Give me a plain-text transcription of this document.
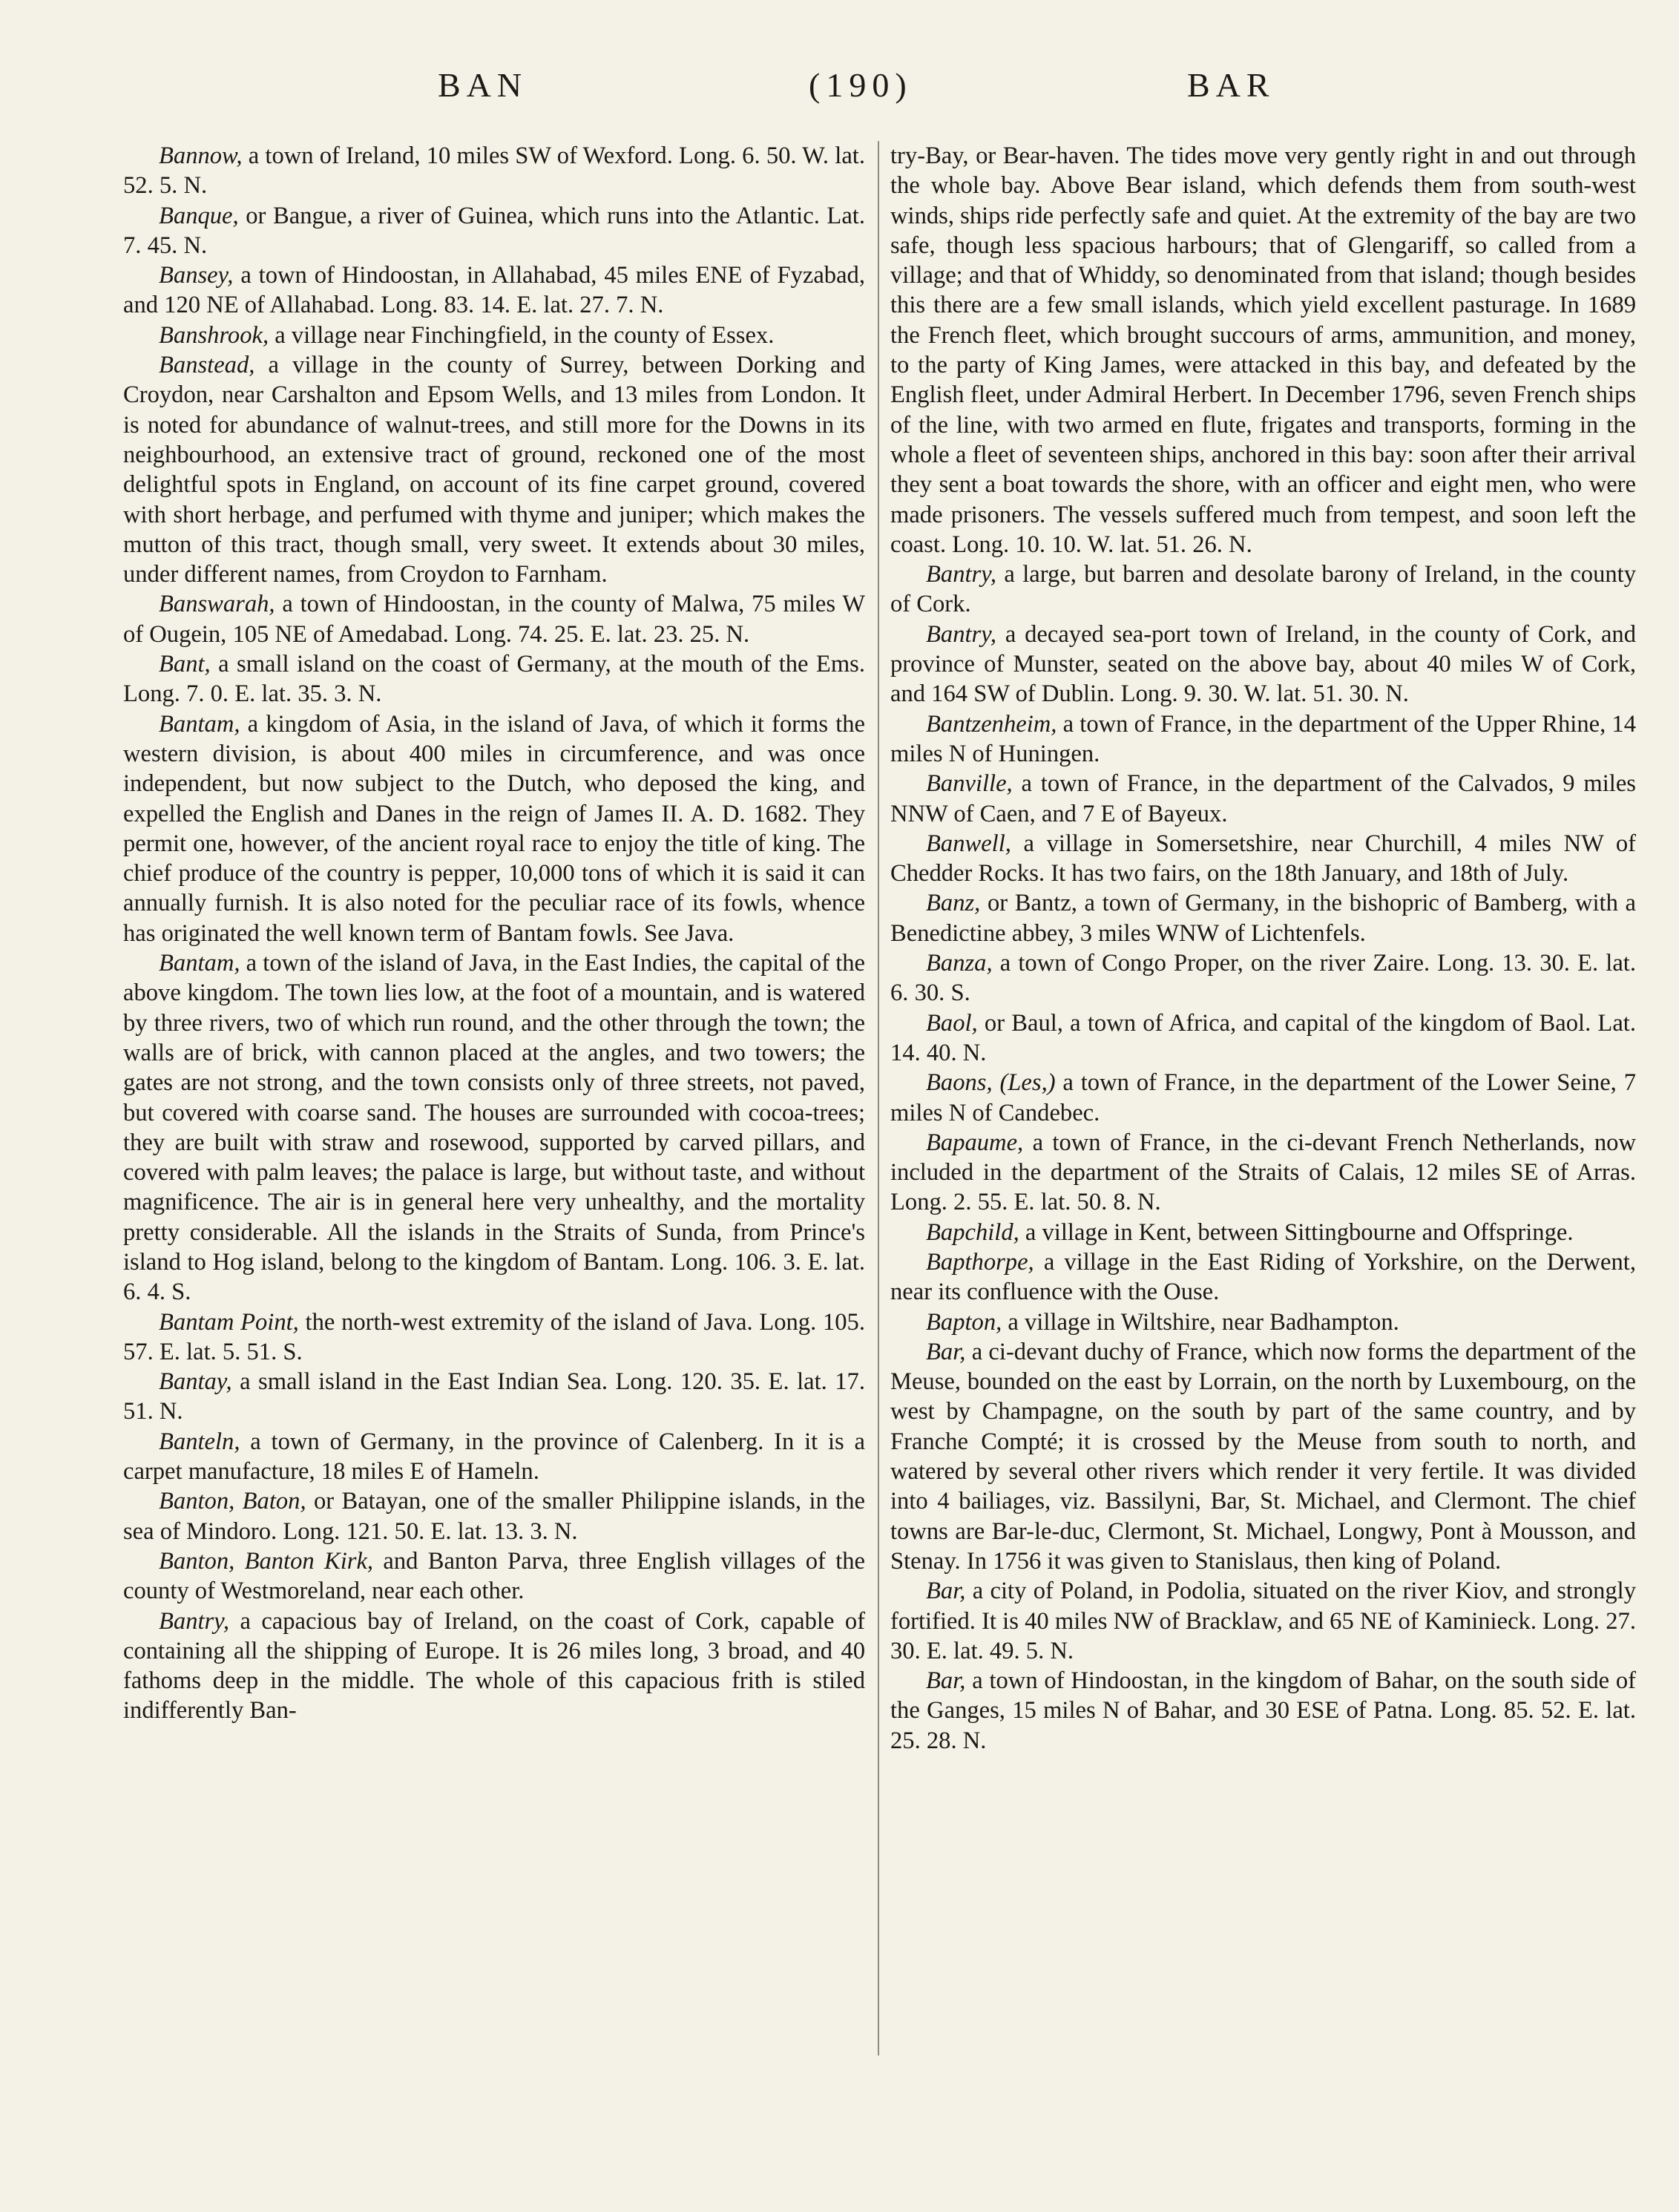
BAN	(190)	BAR

Bannow, a town of Ireland, 10 miles SW of Wexford. Long. 6. 50. W. lat. 52. 5. N.

Banque, or Bangue, a river of Guinea, which runs into the Atlantic. Lat. 7. 45. N.

Bansey, a town of Hindoostan, in Allahabad, 45 miles ENE of Fyzabad, and 120 NE of Allahabad. Long. 83. 14. E. lat. 27. 7. N.

Banshrook, a village near Finchingfield, in the county of Essex.

Banstead, a village in the county of Surrey, between Dorking and Croydon, near Carshalton and Epsom Wells, and 13 miles from London. It is noted for abundance of walnut-trees, and still more for the Downs in its neighbourhood, an extensive tract of ground, reckoned one of the most delightful spots in England, on account of its fine carpet ground, covered with short herbage, and perfumed with thyme and juniper; which makes the mutton of this tract, though small, very sweet. It extends about 30 miles, under different names, from Croydon to Farnham.

Banswarah, a town of Hindoostan, in the county of Malwa, 75 miles W of Ougein, 105 NE of Amedabad. Long. 74. 25. E. lat. 23. 25. N.

Bant, a small island on the coast of Germany, at the mouth of the Ems. Long. 7. 0. E. lat. 35. 3. N.

Bantam, a kingdom of Asia, in the island of Java, of which it forms the western division, is about 400 miles in circumference, and was once independent, but now subject to the Dutch, who deposed the king, and expelled the English and Danes in the reign of James II. A. D. 1682. They permit one, however, of the ancient royal race to enjoy the title of king. The chief produce of the country is pepper, 10,000 tons of which it is said it can annually furnish. It is also noted for the peculiar race of its fowls, whence has originated the well known term of Bantam fowls. See Java.

Bantam, a town of the island of Java, in the East Indies, the capital of the above kingdom. The town lies low, at the foot of a mountain, and is watered by three rivers, two of which run round, and the other through the town; the walls are of brick, with cannon placed at the angles, and two towers; the gates are not strong, and the town consists only of three streets, not paved, but covered with coarse sand. The houses are surrounded with cocoa-trees; they are built with straw and rosewood, supported by carved pillars, and covered with palm leaves; the palace is large, but without taste, and without magnificence. The air is in general here very unhealthy, and the mortality pretty considerable. All the islands in the Straits of Sunda, from Prince's island to Hog island, belong to the kingdom of Bantam. Long. 106. 3. E. lat. 6. 4. S.

Bantam Point, the north-west extremity of the island of Java. Long. 105. 57. E. lat. 5. 51. S.

Bantay, a small island in the East Indian Sea. Long. 120. 35. E. lat. 17. 51. N.

Banteln, a town of Germany, in the province of Calenberg. In it is a carpet manufacture, 18 miles E of Hameln.

Banton, Baton, or Batayan, one of the smaller Philippine islands, in the sea of Mindoro. Long. 121. 50. E. lat. 13. 3. N.

Banton, Banton Kirk, and Banton Parva, three English villages of the county of Westmoreland, near each other.

Bantry, a capacious bay of Ireland, on the coast of Cork, capable of containing all the shipping of Europe. It is 26 miles long, 3 broad, and 40 fathoms deep in the middle. The whole of this capacious frith is stiled indifferently Ban-

try-Bay, or Bear-haven. The tides move very gently right in and out through the whole bay. Above Bear island, which defends them from south-west winds, ships ride perfectly safe and quiet. At the extremity of the bay are two safe, though less spacious harbours; that of Glengariff, so called from a village; and that of Whiddy, so denominated from that island; though besides this there are a few small islands, which yield excellent pasturage. In 1689 the French fleet, which brought succours of arms, ammunition, and money, to the party of King James, were attacked in this bay, and defeated by the English fleet, under Admiral Herbert. In December 1796, seven French ships of the line, with two armed en flute, frigates and transports, forming in the whole a fleet of seventeen ships, anchored in this bay: soon after their arrival they sent a boat towards the shore, with an officer and eight men, who were made prisoners. The vessels suffered much from tempest, and soon left the coast. Long. 10. 10. W. lat. 51. 26. N.

Bantry, a large, but barren and desolate barony of Ireland, in the county of Cork.

Bantry, a decayed sea-port town of Ireland, in the county of Cork, and province of Munster, seated on the above bay, about 40 miles W of Cork, and 164 SW of Dublin. Long. 9. 30. W. lat. 51. 30. N.

Bantzenheim, a town of France, in the department of the Upper Rhine, 14 miles N of Huningen.

Banville, a town of France, in the department of the Calvados, 9 miles NNW of Caen, and 7 E of Bayeux.

Banwell, a village in Somersetshire, near Churchill, 4 miles NW of Chedder Rocks. It has two fairs, on the 18th January, and 18th of July.

Banz, or Bantz, a town of Germany, in the bishopric of Bamberg, with a Benedictine abbey, 3 miles WNW of Lichtenfels.

Banza, a town of Congo Proper, on the river Zaire. Long. 13. 30. E. lat. 6. 30. S.

Baol, or Baul, a town of Africa, and capital of the kingdom of Baol. Lat. 14. 40. N.

Baons, (Les,) a town of France, in the department of the Lower Seine, 7 miles N of Candebec.

Bapaume, a town of France, in the ci-devant French Netherlands, now included in the department of the Straits of Calais, 12 miles SE of Arras. Long. 2. 55. E. lat. 50. 8. N.

Bapchild, a village in Kent, between Sittingbourne and Offspringe.

Bapthorpe, a village in the East Riding of Yorkshire, on the Derwent, near its confluence with the Ouse.

Bapton, a village in Wiltshire, near Badhampton.

Bar, a ci-devant duchy of France, which now forms the department of the Meuse, bounded on the east by Lorrain, on the north by Luxembourg, on the west by Champagne, on the south by part of the same country, and by Franche Compté; it is crossed by the Meuse from south to north, and watered by several other rivers which render it very fertile. It was divided into 4 bailiages, viz. Bassilyni, Bar, St. Michael, and Clermont. The chief towns are Bar-le-duc, Clermont, St. Michael, Longwy, Pont à Mousson, and Stenay. In 1756 it was given to Stanislaus, then king of Poland.

Bar, a city of Poland, in Podolia, situated on the river Kiov, and strongly fortified. It is 40 miles NW of Bracklaw, and 65 NE of Kaminieck. Long. 27. 30. E. lat. 49. 5. N.

Bar, a town of Hindoostan, in the kingdom of Bahar, on the south side of the Ganges, 15 miles N of Bahar, and 30 ESE of Patna. Long. 85. 52. E. lat. 25. 28. N.
